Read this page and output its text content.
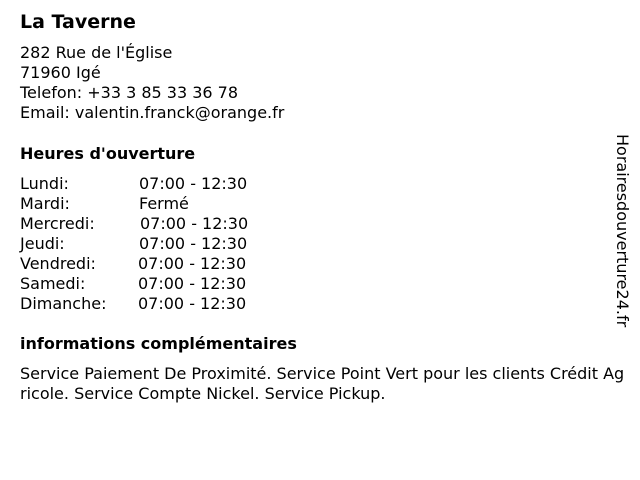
La Taverne
282 Rue de l'Église
71960 Igé
Telefon: +33 3 85 33 36 78
Email: valentin.franck@orange.fr
Heures d'ouverture
Lundi:	07:00 - 12:30
Mardi:	Fermé
Mercredi:	07:00 - 12:30
Jeudi:	07:00 - 12:30
Vendredi:	07:00 - 12:30
Samedi:	07:00 - 12:30
Dimanche: 07:00 - 12:30
informations complémentaires
Service Paiement De Proximité. Service Point Vert pour les clients Crédit Agricole. Service Compte Nickel. Service Pickup.
Horairesdouverture24.fr
